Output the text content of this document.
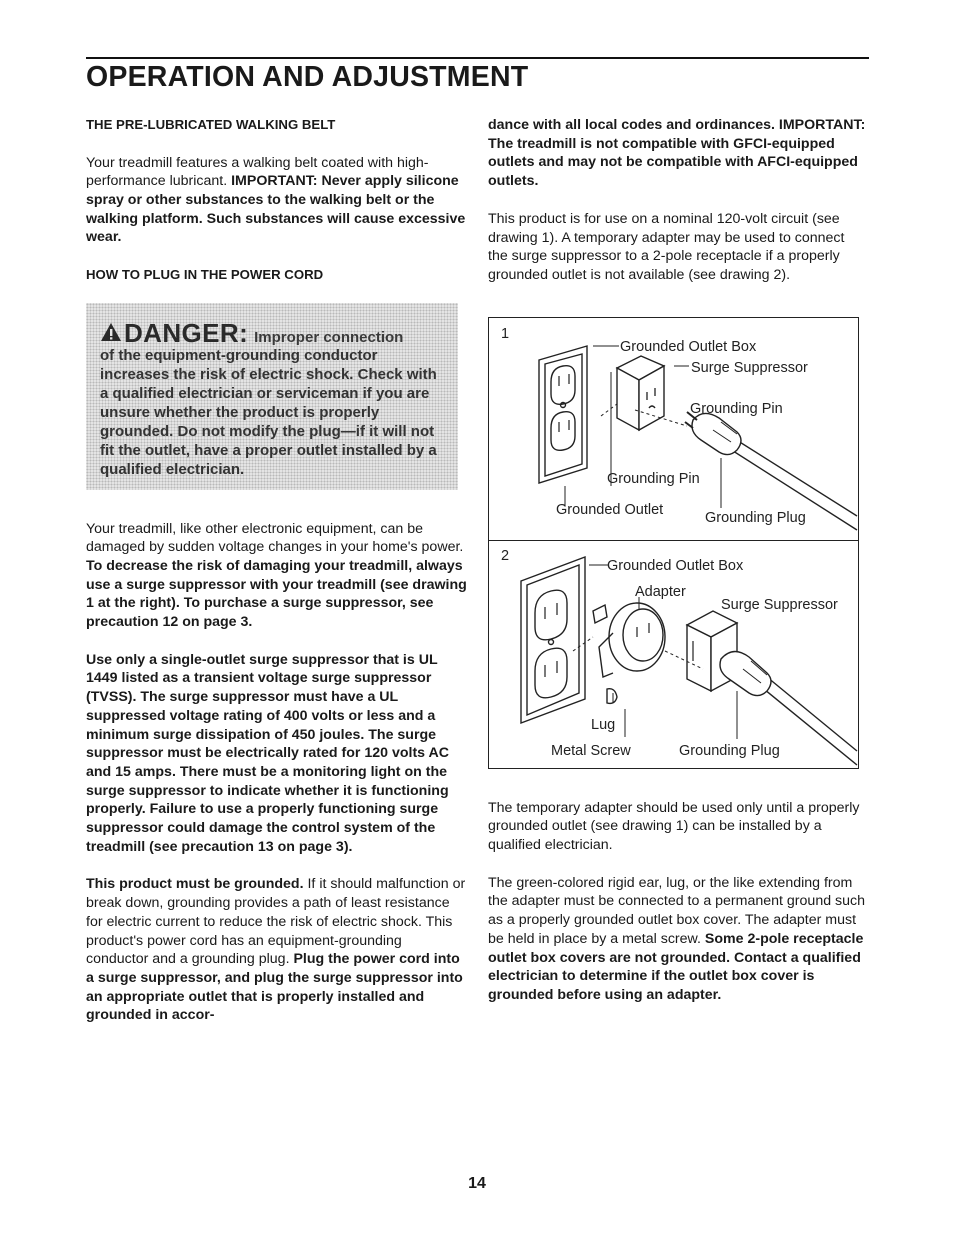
OPERATION AND ADJUSTMENT
THE PRE-LUBRICATED WALKING BELT

Your treadmill features a walking belt coated with high-performance lubricant. IMPORTANT: Never apply silicone spray or other substances to the walking belt or the walking platform. Such substances will cause excessive wear.

HOW TO PLUG IN THE POWER CORD
DANGER: Improper connection
of the equipment-grounding conductor increases the risk of electric shock. Check with a qualified electrician or serviceman if you are unsure whether the product is properly grounded. Do not modify the plug—if it will not fit the outlet, have a proper outlet installed by a qualified electrician.

Your treadmill, like other electronic equipment, can be damaged by sudden voltage changes in your home's power. To decrease the risk of damaging your treadmill, always use a surge suppressor with your treadmill (see drawing 1 at the right). To purchase a surge suppressor, see precaution 12 on page 3.

Use only a single-outlet surge suppressor that is UL 1449 listed as a transient voltage surge suppressor (TVSS). The surge suppressor must have a UL suppressed voltage rating of 400 volts or less and a minimum surge dissipation of 450 joules. The surge suppressor must be electrically rated for 120 volts AC and 15 amps. There must be a monitoring light on the surge suppressor to indicate whether it is functioning properly. Failure to use a properly functioning surge suppressor could damage the control system of the treadmill (see precaution 13 on page 3).

This product must be grounded. If it should malfunction or break down, grounding provides a path of least resistance for electric current to reduce the risk of electric shock. This product's power cord has an equipment-grounding conductor and a grounding plug. Plug the power cord into a surge suppressor, and plug the surge suppressor into an appropriate outlet that is properly installed and grounded in accor-

dance with all local codes and ordinances. IMPORTANT: The treadmill is not compatible with GFCI-equipped outlets and may not be compatible with AFCI-equipped outlets.

This product is for use on a nominal 120-volt circuit (see drawing 1). A temporary adapter may be used to connect the surge suppressor to a 2-pole receptacle if a properly grounded outlet is not available (see drawing 2).

1
Grounded Outlet Box
Surge Suppressor
Grounding Pin
Grounding Pin
Grounded Outlet	Grounding Plug
2
Grounded Outlet Box
Adapter
Surge Suppressor
Lug
Metal Screw	Grounding Plug

The temporary adapter should be used only until a properly grounded outlet (see drawing 1) can be installed by a qualified electrician.

The green-colored rigid ear, lug, or the like extending from the adapter must be connected to a permanent ground such as a properly grounded outlet box cover. The adapter must be held in place by a metal screw. Some 2-pole receptacle outlet box covers are not grounded. Contact a qualified electrician to determine if the outlet box cover is grounded before using an adapter.

14
